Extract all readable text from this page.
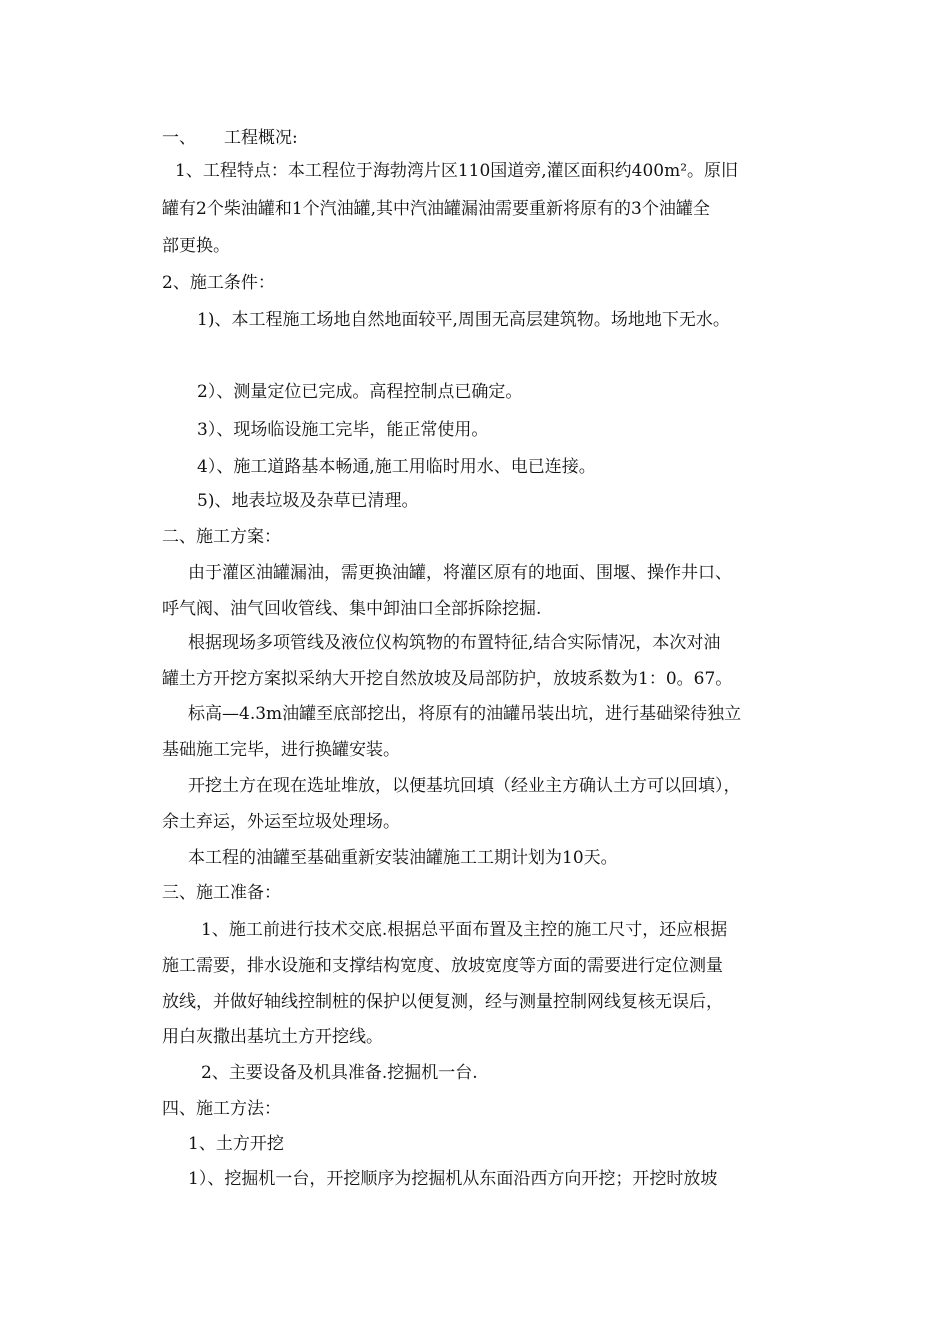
一、 工程概况:
1、工程特点：本工程位于海勃湾片区110国道旁,灌区面积约400m²。原旧
罐有2个柴油罐和1个汽油罐,其中汽油罐漏油需要重新将原有的3个油罐全
部更换。
2、施工条件：
1)、本工程施工场地自然地面较平,周围无高层建筑物。场地地下无水。
2）、测量定位已完成。高程控制点已确定。
3）、现场临设施工完毕，能正常使用。
4）、施工道路基本畅通,施工用临时用水、电已连接。
5)、地表垃圾及杂草已清理。
二、施工方案：
由于灌区油罐漏油，需更换油罐，将灌区原有的地面、围堰、操作井口、
呼气阀、油气回收管线、集中卸油口全部拆除挖掘.
根据现场多项管线及液位仪构筑物的布置特征,结合实际情况，本次对油
罐土方开挖方案拟采纳大开挖自然放坡及局部防护，放坡系数为1：0。67。
标高—4.3m油罐至底部挖出，将原有的油罐吊装出坑，进行基础梁待独立
基础施工完毕，进行换罐安装。
开挖土方在现在选址堆放，以便基坑回填（经业主方确认土方可以回填），
余土弃运，外运至垃圾处理场。
本工程的油罐至基础重新安装油罐施工工期计划为10天。
三、施工准备：
1、施工前进行技术交底.根据总平面布置及主控的施工尺寸，还应根据
施工需要，排水设施和支撑结构宽度、放坡宽度等方面的需要进行定位测量
放线，并做好轴线控制桩的保护以便复测，经与测量控制网线复核无误后，
用白灰撒出基坑土方开挖线。
2、主要设备及机具准备.挖掘机一台.
四、施工方法：
1、土方开挖
1）、挖掘机一台，开挖顺序为挖掘机从东面沿西方向开挖；开挖时放坡
